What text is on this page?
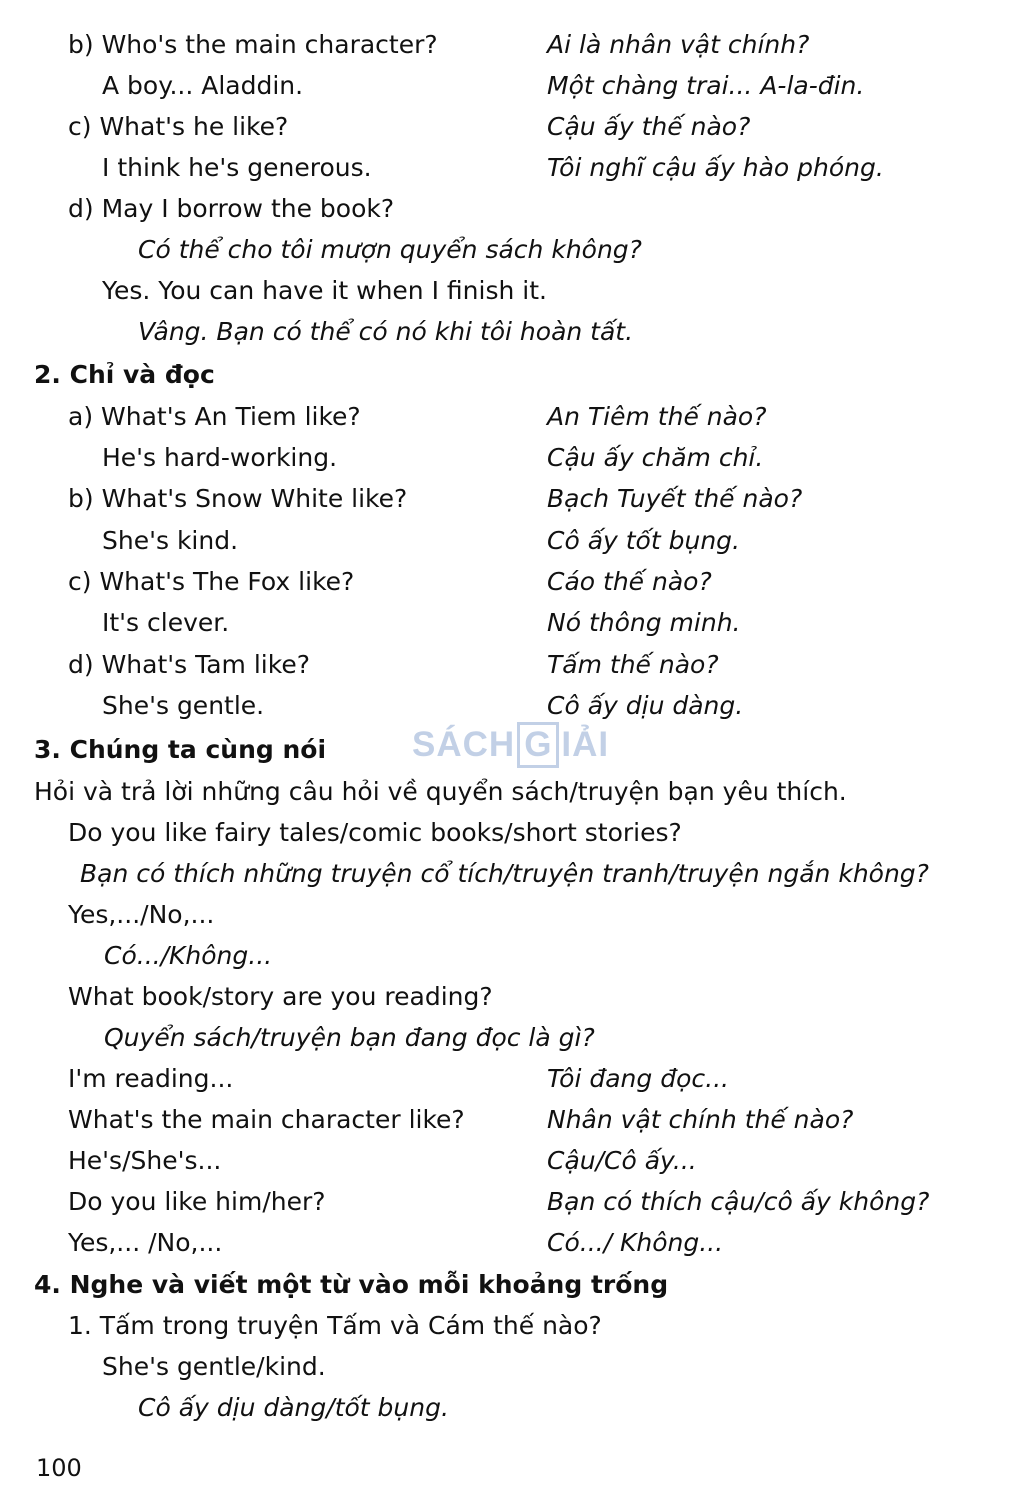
b) Who's the main character?	Ai là nhân vật chính?
A boy... Aladdin.	Một chàng trai... A-la-đin.
c) What's he like?	Cậu ấy thế nào?
I think he's generous.	Tôi nghĩ cậu ấy hào phóng.
d) May I borrow the book?
Có thể cho tôi mượn quyển sách không?
Yes. You can have it when I finish it.
Vâng. Bạn có thể có nó khi tôi hoàn tất.
2. Chỉ và đọc
a) What's An Tiem like?	An Tiêm thế nào?
He's hard-working.	Cậu ấy chăm chỉ.
b) What's Snow White like?	Bạch Tuyết thế nào?
She's kind.	Cô ấy tốt bụng.
c) What's The Fox like?	Cáo thế nào?
It's clever.	Nó thông minh.
d) What's Tam like?	Tấm thế nào?
She's gentle.	Cô ấy dịu dàng.
SÁCH G IẢI
3. Chúng ta cùng nói
Hỏi và trả lời những câu hỏi về quyển sách/truyện bạn yêu thích.
Do you like fairy tales/comic books/short stories?
Bạn có thích những truyện cổ tích/truyện tranh/truyện ngắn không?
Yes,.../No,...
Có.../Không...
What book/story are you reading?
Quyển sách/truyện bạn đang đọc là gì?
I'm reading...	Tôi đang đọc...
What's the main character like?	Nhân vật chính thế nào?
He's/She's...	Cậu/Cô ấy...
Do you like him/her?	Bạn có thích cậu/cô ấy không?
Yes,... /No,...	Có.../ Không...
4. Nghe và viết một từ vào mỗi khoảng trống
1. Tấm trong truyện Tấm và Cám thế nào?
She's gentle/kind.
Cô ấy dịu dàng/tốt bụng.
100
